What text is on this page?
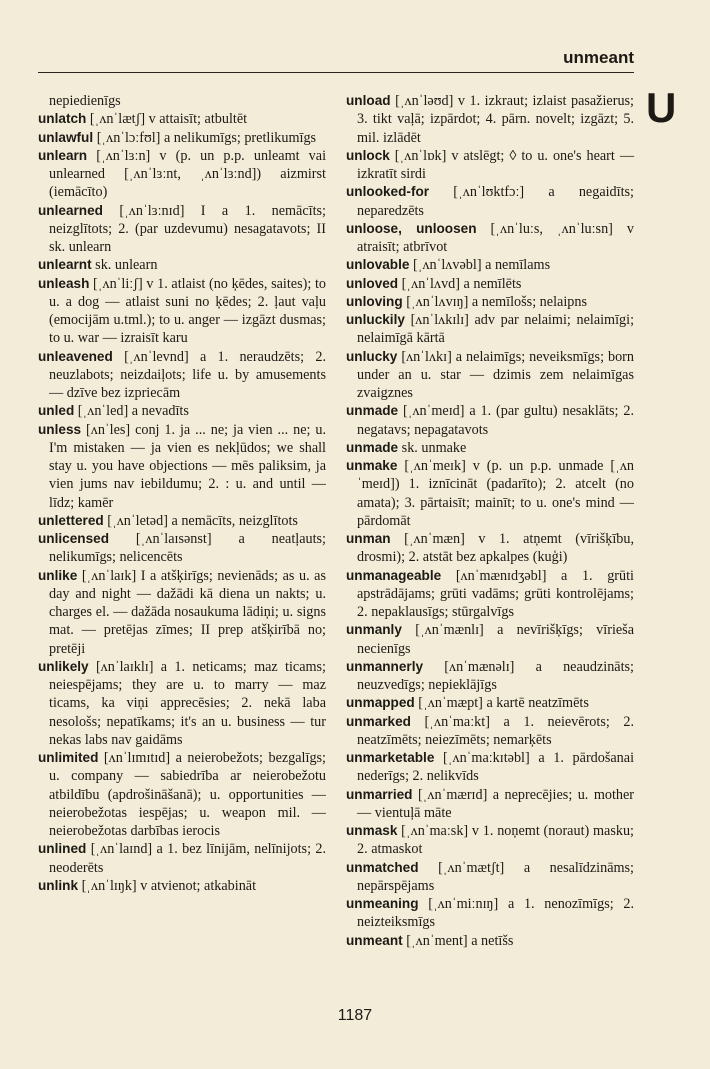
unmeant
U

nepiedienīgs

unlatch [ˌʌnˈlætʃ] v attaisīt; atbultēt

unlawful [ˌʌnˈlɔːfʊl] a nelikumīgs; pretlikumīgs

unlearn [ˌʌnˈlɜːn] v (p. un p.p. unleamt vai unlearned [ˌʌnˈlɜːnt, ˌʌnˈlɜːnd]) aizmirst (iemācīto)

unlearned [ˌʌnˈlɜːnɪd] I a 1. nemācīts; neizglītots; 2. (par uzdevumu) nesagatavots; II sk. unlearn

unlearnt sk. unlearn

unleash [ˌʌnˈliːʃ] v 1. atlaist (no ķēdes, saites); to u. a dog — atlaist suni no ķēdes; 2. ļaut vaļu (emocijām u.tml.); to u. anger — izgāzt dusmas; to u. war — izraisīt karu

unleavened [ˌʌnˈlevnd] a 1. neraudzēts; 2. neuzlabots; neizdaiļots; life u. by amusements — dzīve bez izpriecām

unled [ˌʌnˈled] a nevadīts

unless [ʌnˈles] conj 1. ja ... ne; ja vien ... ne; u. I'm mistaken — ja vien es nekļūdos; we shall stay u. you have objections — mēs paliksim, ja vien jums nav iebildumu; 2. : u. and until — līdz; kamēr

unlettered [ˌʌnˈletəd] a nemācīts, neizglītots

unlicensed [ˌʌnˈlaɪsənst] a neatļauts; nelikumīgs; nelicencēts

unlike [ˌʌnˈlaɪk] I a atšķirīgs; nevienāds; as u. as day and night — dažādi kā diena un nakts; u. charges el. — dažāda nosaukuma lādiņi; u. signs mat. — pretējas zīmes; II prep atšķirībā no; pretēji

unlikely [ʌnˈlaɪklɪ] a 1. neticams; maz ticams; neiespējams; they are u. to marry — maz ticams, ka viņi apprecēsies; 2. nekā laba nesološs; nepatīkams; it's an u. business — tur nekas labs nav gaidāms

unlimited [ʌnˈlɪmɪtɪd] a neierobežots; bezgalīgs; u. company — sabiedrība ar neierobežotu atbildību (apdrošināšanā); u. opportunities — neierobežotas iespējas; u. weapon mil. — neierobežotas darbības ierocis

unlined [ˌʌnˈlaɪnd] a 1. bez līnijām, nelīnijots; 2. neoderēts

unlink [ˌʌnˈlɪŋk] v atvienot; atkabināt

unload [ˌʌnˈləʊd] v 1. izkraut; izlaist pasažierus; 3. tikt vaļā; izpārdot; 4. pārn. novelt; izgāzt; 5. mil. izlādēt

unlock [ˌʌnˈlɒk] v atslēgt; ◊ to u. one's heart — izkratīt sirdi

unlooked-for [ˌʌnˈlʊktfɔː] a negaidīts; neparedzēts

unloose, unloosen [ˌʌnˈluːs, ˌʌnˈluːsn] v atraisīt; atbrīvot

unlovable [ˌʌnˈlʌvəbl] a nemīlams

unloved [ˌʌnˈlʌvd] a nemīlēts

unloving [ˌʌnˈlʌvɪŋ] a nemīlošs; nelaipns

unluckily [ʌnˈlʌkɪlɪ] adv par nelaimi; nelaimīgi; nelaimīgā kārtā

unlucky [ʌnˈlʌkɪ] a nelaimīgs; neveiksmīgs; born under an u. star — dzimis zem nelaimīgas zvaigznes

unmade [ˌʌnˈmeɪd] a 1. (par gultu) nesaklāts; 2. negatavs; nepagatavots

unmade sk. unmake

unmake [ˌʌnˈmeɪk] v (p. un p.p. unmade [ˌʌnˈmeɪd]) 1. iznīcināt (padarīto); 2. atcelt (no amata); 3. pārtaisīt; mainīt; to u. one's mind — pārdomāt

unman [ˌʌnˈmæn] v 1. atņemt (vīrišķību, drosmi); 2. atstāt bez apkalpes (kuģi)

unmanageable [ʌnˈmænɪdʒəbl] a 1. grūti apstrādājams; grūti vadāms; grūti kontrolējams; 2. nepaklausīgs; stūrgalvīgs

unmanly [ˌʌnˈmænlɪ] a nevīrišķīgs; vīrieša necienīgs

unmannerly [ʌnˈmænəlɪ] a neaudzināts; neuzvedīgs; nepieklājīgs

unmapped [ˌʌnˈmæpt] a kartē neatzīmēts

unmarked [ˌʌnˈmaːkt] a 1. neievērots; 2. neatzīmēts; neiezīmēts; nemarķēts

unmarketable [ˌʌnˈmaːkɪtəbl] a 1. pārdošanai nederīgs; 2. nelikvīds

unmarried [ˌʌnˈmærɪd] a neprecējies; u. mother — vientuļā māte

unmask [ˌʌnˈmaːsk] v 1. noņemt (noraut) masku; 2. atmaskot

unmatched [ˌʌnˈmætʃt] a nesalīdzināms; nepārspējams

unmeaning [ˌʌnˈmiːnɪŋ] a 1. nenozīmīgs; 2. neizteiksmīgs

unmeant [ˌʌnˈment] a netīšs

1187
